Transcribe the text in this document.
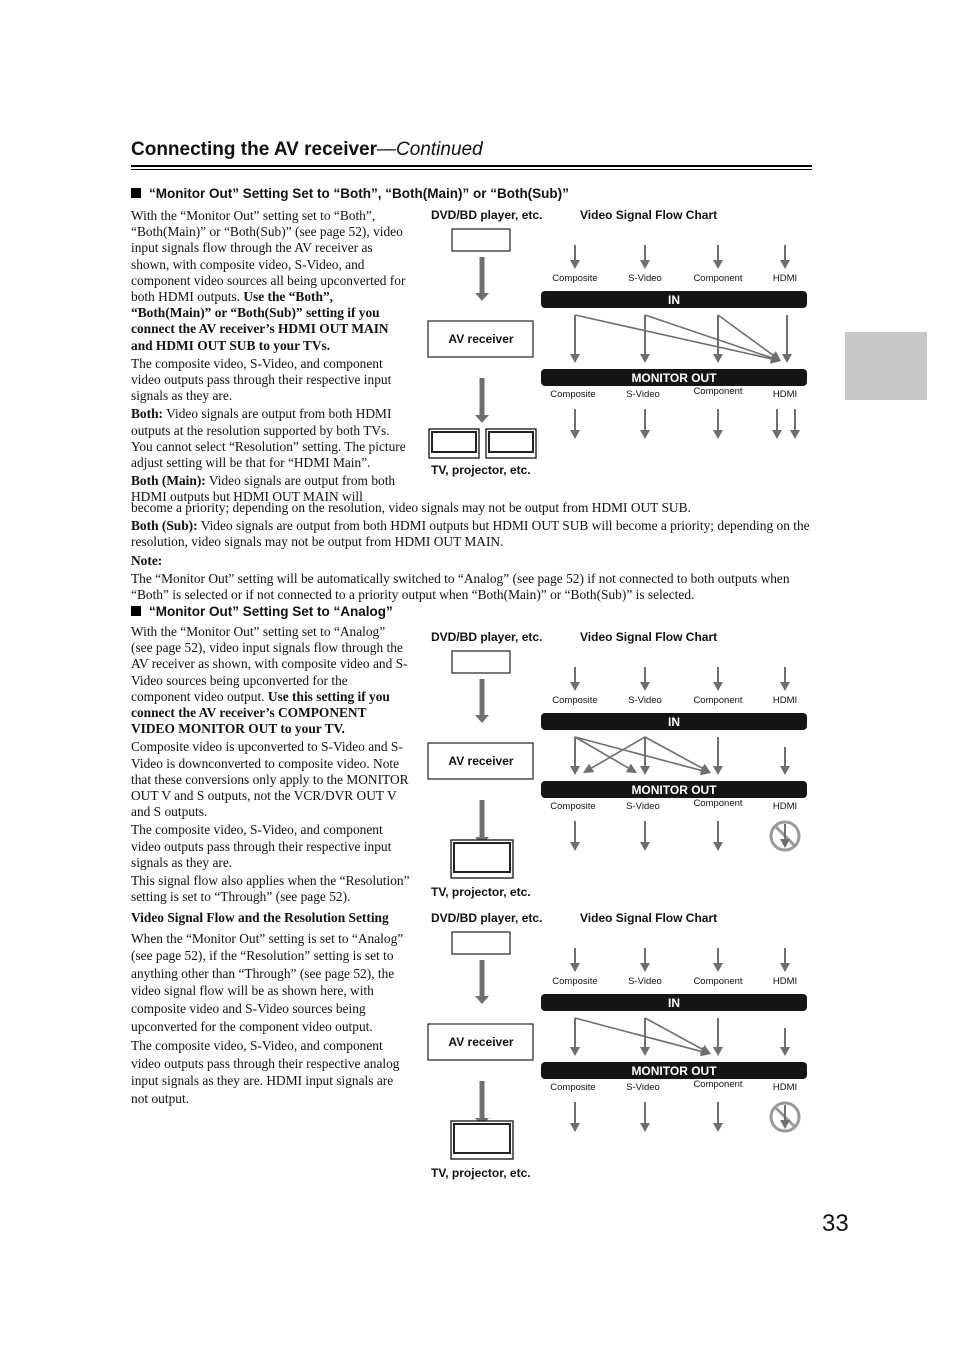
Connecting the AV receiver—Continued
“Monitor Out” Setting Set to “Both”, “Both(Main)” or “Both(Sub)”

With the “Monitor Out” setting set to “Both”, “Both(Main)” or “Both(Sub)” (see page 52), video input signals flow through the AV receiver as shown, with composite video, S-Video, and component video sources all being upconverted for both HDMI outputs. Use the “Both”, “Both(Main)” or “Both(Sub)” setting if you connect the AV receiver’s HDMI OUT MAIN and HDMI OUT SUB to your TVs.

The composite video, S-Video, and component video outputs pass through their respective input signals as they are.

Both: Video signals are output from both HDMI outputs at the resolution supported by both TVs. You cannot select “Resolution” setting. The picture adjust setting will be that for “HDMI Main”.

Both (Main): Video signals are output from both HDMI outputs but HDMI OUT MAIN will

become a priority; depending on the resolution, video signals may not be output from HDMI OUT SUB.

Both (Sub): Video signals are output from both HDMI outputs but HDMI OUT SUB will become a priority; depending on the resolution, video signals may not be output from HDMI OUT MAIN.

Note:

The “Monitor Out” setting will be automatically switched to “Analog” (see page 52) if not connected to both outputs when “Both” is selected or if not connected to a priority output when “Both(Main)” or “Both(Sub)” is selected.

“Monitor Out” Setting Set to “Analog”

With the “Monitor Out” setting set to “Analog” (see page 52), video input signals flow through the AV receiver as shown, with composite video and S-Video sources being upconverted for the component video output. Use this setting if you connect the AV receiver’s COMPONENT VIDEO MONITOR OUT to your TV.

Composite video is upconverted to S-Video and S-Video is downconverted to composite video. Note that these conversions only apply to the MONITOR OUT V and S outputs, not the VCR/DVR OUT V and S outputs.

The composite video, S-Video, and component video outputs pass through their respective input signals as they are.

This signal flow also applies when the “Resolution” setting is set to “Through” (see page 52).

Video Signal Flow and the Resolution Setting

When the “Monitor Out” setting is set to “Analog” (see page 52), if the “Resolution” setting is set to anything other than “Through” (see page 52), the video signal flow will be as shown here, with composite video and S-Video sources being upconverted for the component video output.

The composite video, S-Video, and component video outputs pass through their respective analog input signals as they are. HDMI input signals are not output.

DVD/BD player, etc.	Video Signal Flow Chart
AV receiver
TV, projector, etc.
Composite	S-Video	Component	HDMI
IN
MONITOR OUT
Composite	S-Video	Component	HDMI
DVD/BD player, etc.	Video Signal Flow Chart
AV receiver
TV, projector, etc.
Composite	S-Video	Component	HDMI
IN
MONITOR OUT
Composite	S-Video	Component	HDMI
DVD/BD player, etc.	Video Signal Flow Chart
AV receiver
TV, projector, etc.
Composite	S-Video	Component	HDMI
IN
MONITOR OUT
Composite	S-Video	Component	HDMI
33
